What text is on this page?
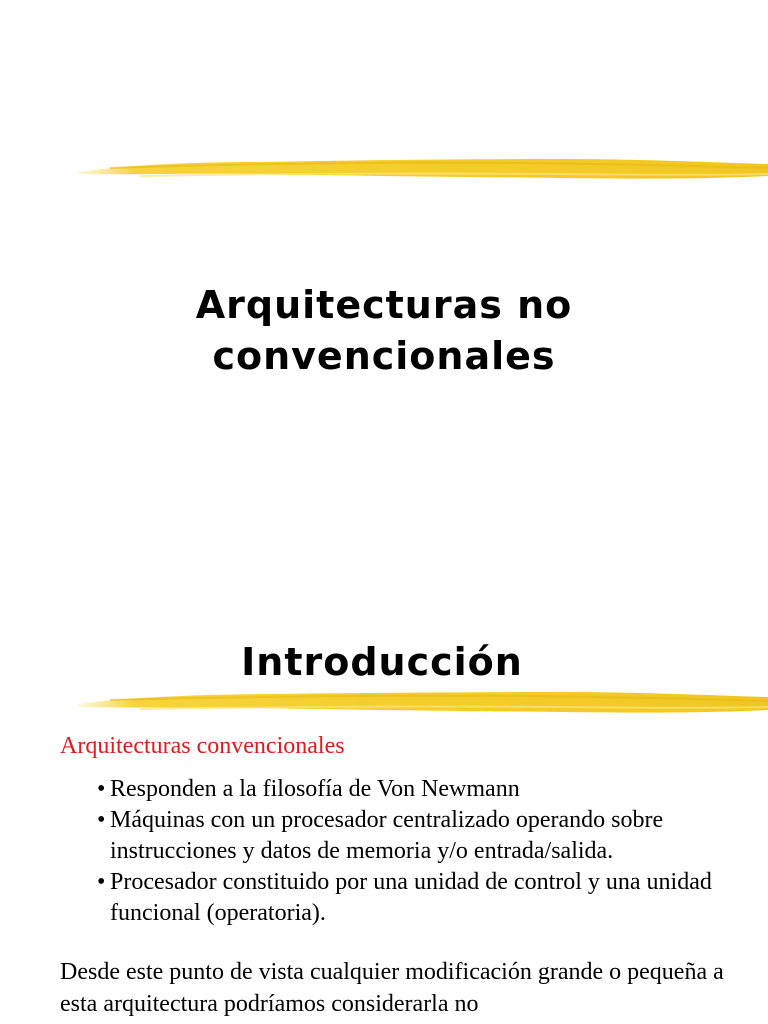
Arquitecturas no
convencionales
Introducción
Arquitecturas convencionales
• Responden a la filosofía de Von Newmann
• Máquinas con un procesador centralizado operando sobre instrucciones y datos de memoria y/o entrada/salida.
• Procesador constituido por una unidad de control y una unidad funcional (operatoria).

Desde este punto de vista cualquier modificación grande o pequeña a esta arquitectura podríamos considerarla no
